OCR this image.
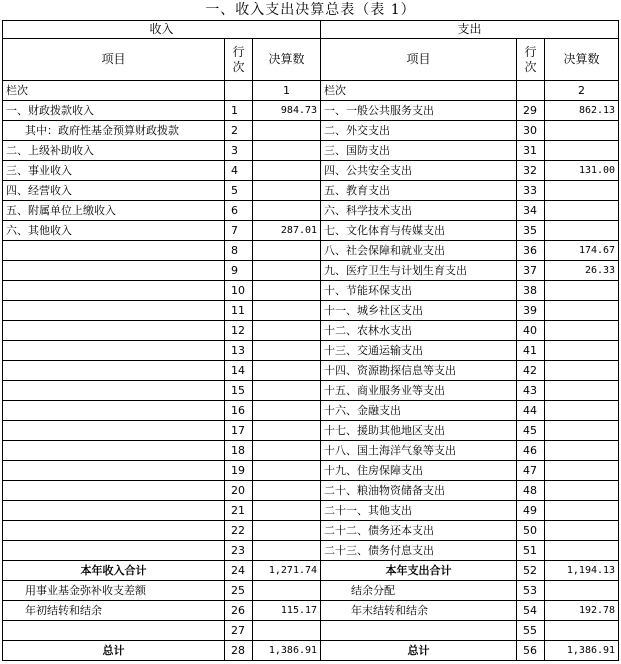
一、收入支出决算总表（表 1）
收入			支出		
项目	行次	决算数	项目	行次	决算数
栏次		1	栏次		2
一、财政拨款收入	1	984.73	一、一般公共服务支出	29	862.13
其中：政府性基金预算财政拨款	2		二、外交支出	30	
二、上级补助收入	3		三、国防支出	31	
三、事业收入	4		四、公共安全支出	32	131.00
四、经营收入	5		五、教育支出	33	
五、附属单位上缴收入	6		六、科学技术支出	34	
六、其他收入	7	287.01	七、文化体育与传媒支出	35	
	8		八、社会保障和就业支出	36	174.67
	9		九、医疗卫生与计划生育支出	37	26.33
	10		十、节能环保支出	38	
	11		十一、城乡社区支出	39	
	12		十二、农林水支出	40	
	13		十三、交通运输支出	41	
	14		十四、资源勘探信息等支出	42	
	15		十五、商业服务业等支出	43	
	16		十六、金融支出	44	
	17		十七、援助其他地区支出	45	
	18		十八、国土海洋气象等支出	46	
	19		十九、住房保障支出	47	
	20		二十、粮油物资储备支出	48	
	21		二十一、其他支出	49	
	22		二十二、债务还本支出	50	
	23		二十三、债务付息支出	51	
本年收入合计	24	1,271.74	本年支出合计	52	1,194.13
用事业基金弥补收支差额	25		结余分配	53	
年初结转和结余	26	115.17	年末结转和结余	54	192.78
	27			55	
总计	28	1,386.91	总计	56	1,386.91
